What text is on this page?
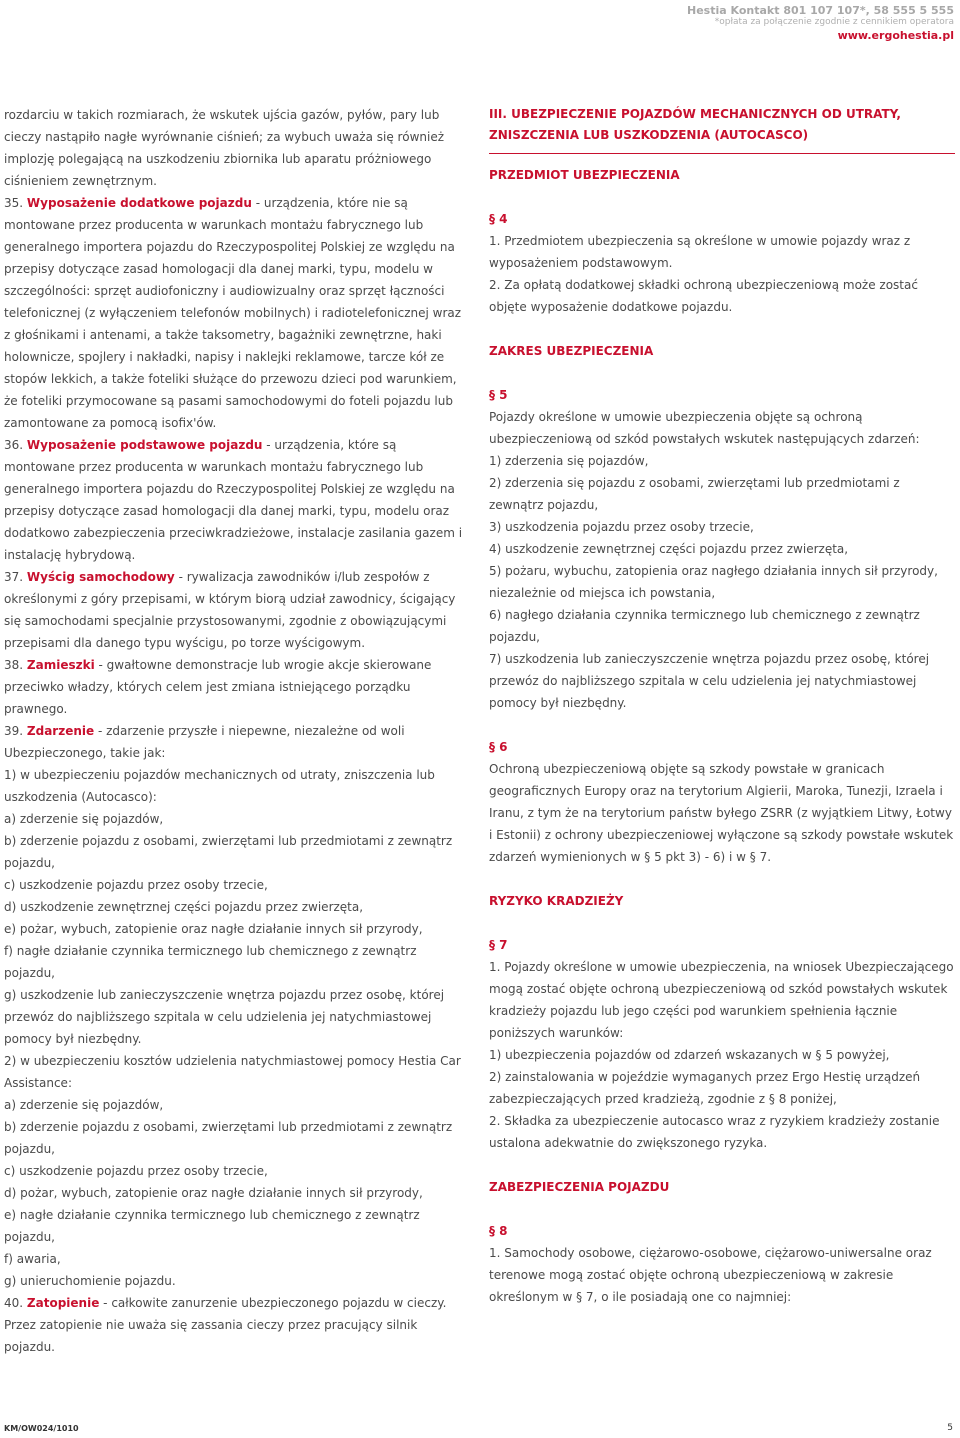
Hestia Kontakt 801 107 107*, 58 555 5 555
*opłata za połączenie zgodnie z cennikiem operatora
www.ergohestia.pl

rozdarciu w takich rozmiarach, że wskutek ujścia gazów, pyłów, pary lub cieczy nastąpiło nagłe wyrównanie ciśnień; za wybuch uważa się również implozję polegającą na uszkodzeniu zbiornika lub aparatu próżniowego ciśnieniem zewnętrznym.

35. Wyposażenie dodatkowe pojazdu - urządzenia, które nie są montowane przez producenta w warunkach montażu fabrycznego lub generalnego importera pojazdu do Rzeczypospolitej Polskiej ze względu na przepisy dotyczące zasad homologacji dla danej marki, typu, modelu w szczególności: sprzęt audiofoniczny i audiowizualny oraz sprzęt łączności telefonicznej (z wyłączeniem telefonów mobilnych) i radiotelefonicznej wraz z głośnikami i antenami, a także taksometry, bagażniki zewnętrzne, haki holownicze, spojlery i nakładki, napisy i naklejki reklamowe, tarcze kół ze stopów lekkich, a także foteliki służące do przewozu dzieci pod warunkiem, że foteliki przymocowane są pasami samochodowymi do foteli pojazdu lub zamontowane za pomocą isofix'ów.

36. Wyposażenie podstawowe pojazdu - urządzenia, które są montowane przez producenta w warunkach montażu fabrycznego lub generalnego importera pojazdu do Rzeczypospolitej Polskiej ze względu na przepisy dotyczące zasad homologacji dla danej marki, typu, modelu oraz dodatkowo zabezpieczenia przeciwkradzieżowe, instalacje zasilania gazem i instalację hybrydową.

37. Wyścig samochodowy - rywalizacja zawodników i/lub zespołów z określonymi z góry przepisami, w którym biorą udział zawodnicy, ścigający się samochodami specjalnie przystosowanymi, zgodnie z obowiązującymi przepisami dla danego typu wyścigu, po torze wyścigowym.

38. Zamieszki - gwałtowne demonstracje lub wrogie akcje skierowane przeciwko władzy, których celem jest zmiana istniejącego porządku prawnego.

39. Zdarzenie - zdarzenie przyszłe i niepewne, niezależne od woli Ubezpieczonego, takie jak:

1) w ubezpieczeniu pojazdów mechanicznych od utraty, zniszczenia lub uszkodzenia (Autocasco):

a) zderzenie się pojazdów,

b) zderzenie pojazdu z osobami, zwierzętami lub przedmiotami z zewnątrz pojazdu,

c) uszkodzenie pojazdu przez osoby trzecie,

d) uszkodzenie zewnętrznej części pojazdu przez zwierzęta,

e) pożar, wybuch, zatopienie oraz nagłe działanie innych sił przyrody,

f) nagłe działanie czynnika termicznego lub chemicznego z zewnątrz pojazdu,

g) uszkodzenie lub zanieczyszczenie wnętrza pojazdu przez osobę, której przewóz do najbliższego szpitala w celu udzielenia jej natychmiastowej pomocy był niezbędny.

2) w ubezpieczeniu kosztów udzielenia natychmiastowej pomocy Hestia Car Assistance:

a) zderzenie się pojazdów,

b) zderzenie pojazdu z osobami, zwierzętami lub przedmiotami z zewnątrz pojazdu,

c) uszkodzenie pojazdu przez osoby trzecie,

d) pożar, wybuch, zatopienie oraz nagłe działanie innych sił przyrody,

e) nagłe działanie czynnika termicznego lub chemicznego z zewnątrz pojazdu,

f) awaria,

g) unieruchomienie pojazdu.

40. Zatopienie - całkowite zanurzenie ubezpieczonego pojazdu w cieczy. Przez zatopienie nie uważa się zassania cieczy przez pracujący silnik pojazdu.

III. UBEZPIECZENIE POJAZDÓW MECHANICZNYCH OD UTRATY, ZNISZCZENIA LUB USZKODZENIA (AUTOCASCO)
PRZEDMIOT UBEZPIECZENIA
§ 4

1. Przedmiotem ubezpieczenia są określone w umowie pojazdy wraz z wyposażeniem podstawowym.

2. Za opłatą dodatkowej składki ochroną ubezpieczeniową może zostać objęte wyposażenie dodatkowe pojazdu.

ZAKRES UBEZPIECZENIA
§ 5

Pojazdy określone w umowie ubezpieczenia objęte są ochroną ubezpieczeniową od szkód powstałych wskutek następujących zdarzeń:

1) zderzenia się pojazdów,

2) zderzenia się pojazdu z osobami, zwierzętami lub przedmiotami z zewnątrz pojazdu,

3) uszkodzenia pojazdu przez osoby trzecie,

4) uszkodzenie zewnętrznej części pojazdu przez zwierzęta,

5) pożaru, wybuchu, zatopienia oraz nagłego działania innych sił przyrody, niezależnie od miejsca ich powstania,

6) nagłego działania czynnika termicznego lub chemicznego z zewnątrz pojazdu,

7) uszkodzenia lub zanieczyszczenie wnętrza pojazdu przez osobę, której przewóz do najbliższego szpitala w celu udzielenia jej natychmiastowej pomocy był niezbędny.

§ 6

Ochroną ubezpieczeniową objęte są szkody powstałe w granicach geograficznych Europy oraz na terytorium Algierii, Maroka, Tunezji, Izraela i Iranu, z tym że na terytorium państw byłego ZSRR (z wyjątkiem Litwy, Łotwy i Estonii) z ochrony ubezpieczeniowej wyłączone są szkody powstałe wskutek zdarzeń wymienionych w § 5 pkt 3) - 6) i w § 7.

RYZYKO KRADZIEŻY
§ 7

1. Pojazdy określone w umowie ubezpieczenia, na wniosek Ubezpieczającego mogą zostać objęte ochroną ubezpieczeniową od szkód powstałych wskutek kradzieży pojazdu lub jego części pod warunkiem spełnienia łącznie poniższych warunków:

1) ubezpieczenia pojazdów od zdarzeń wskazanych w § 5 powyżej,

2) zainstalowania w pojeździe wymaganych przez Ergo Hestię urządzeń zabezpieczających przed kradzieżą, zgodnie z § 8 poniżej,

2. Składka za ubezpieczenie autocasco wraz z ryzykiem kradzieży zostanie ustalona adekwatnie do zwiększonego ryzyka.

ZABEZPIECZENIA POJAZDU
§ 8

1. Samochody osobowe, ciężarowo-osobowe, ciężarowo-uniwersalne oraz terenowe mogą zostać objęte ochroną ubezpieczeniową w zakresie określonym w § 7, o ile posiadają one co najmniej:

KM/OW024/1010	5
